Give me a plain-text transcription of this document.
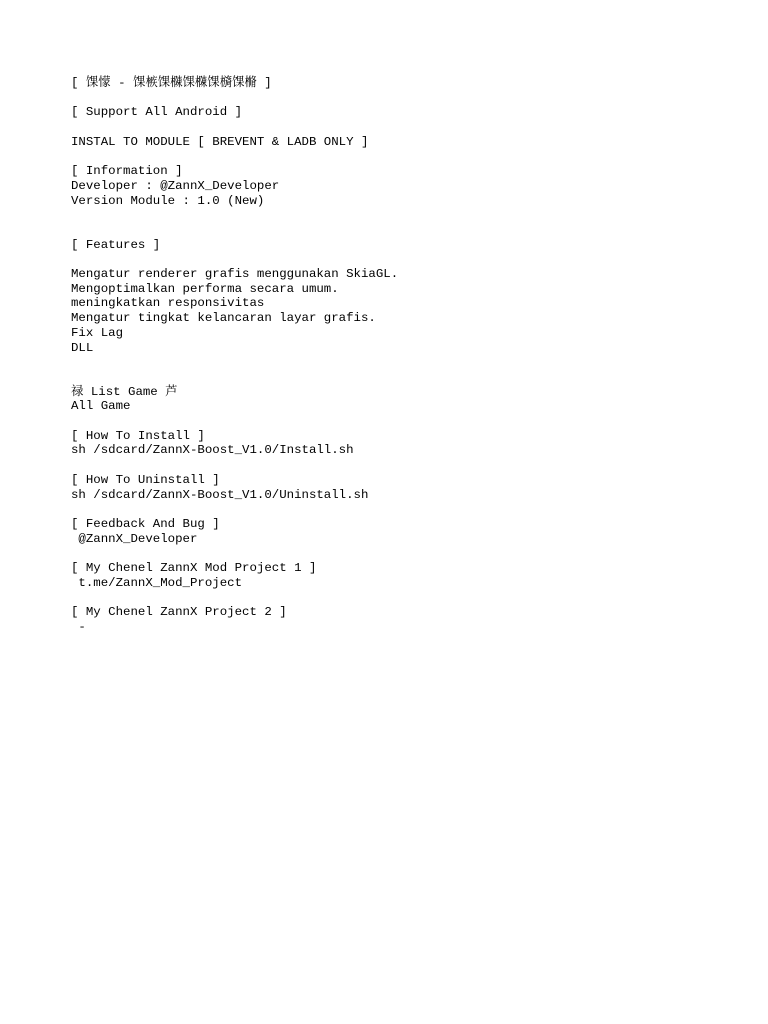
[ 馃懞 - 馃槉馃樄馃樄馃檹馃樇 ]
[ Support All Android ]
INSTAL TO MODULE [ BREVENT & LADB ONLY ]
[ Information ]
Developer : @ZannX_Developer
Version Module : 1.0 (New)
[ Features ]
Mengatur renderer grafis menggunakan SkiaGL.
Mengoptimalkan performa secara umum.
meningkatkan responsivitas
Mengatur tingkat kelancaran layar grafis.
Fix Lag
DLL
禄 List Game 芦
All Game
[ How To Install ]
sh /sdcard/ZannX-Boost_V1.0/Install.sh
[ How To Uninstall ]
sh /sdcard/ZannX-Boost_V1.0/Uninstall.sh
[ Feedback And Bug ]
@ZannX_Developer
[ My Chenel ZannX Mod Project 1 ]
t.me/ZannX_Mod_Project
[ My Chenel ZannX Project 2 ]
-
